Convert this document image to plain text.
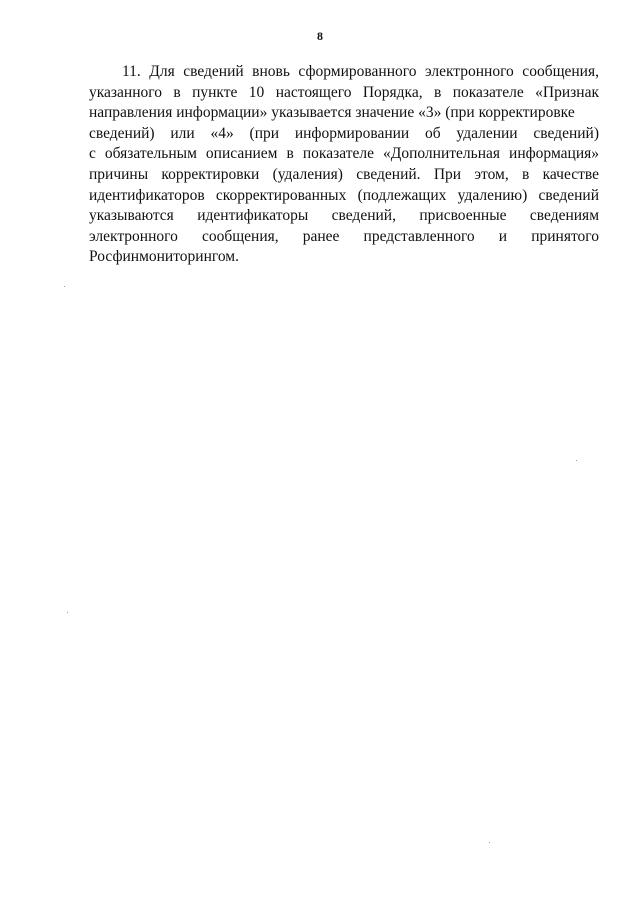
8
11. Для сведений вновь сформированного электронного сообщения,
указанного в пункте 10 настоящего Порядка, в показателе «Признак
направления информации» указывается значение «3» (при корректировке
сведений) или «4» (при информировании об удалении сведений)
с обязательным описанием в показателе «Дополнительная информация»
причины корректировки (удаления) сведений. При этом, в качестве
идентификаторов скорректированных (подлежащих удалению) сведений
указываются идентификаторы сведений, присвоенные сведениям
электронного сообщения, ранее представленного и принятого
Росфинмониторингом.
